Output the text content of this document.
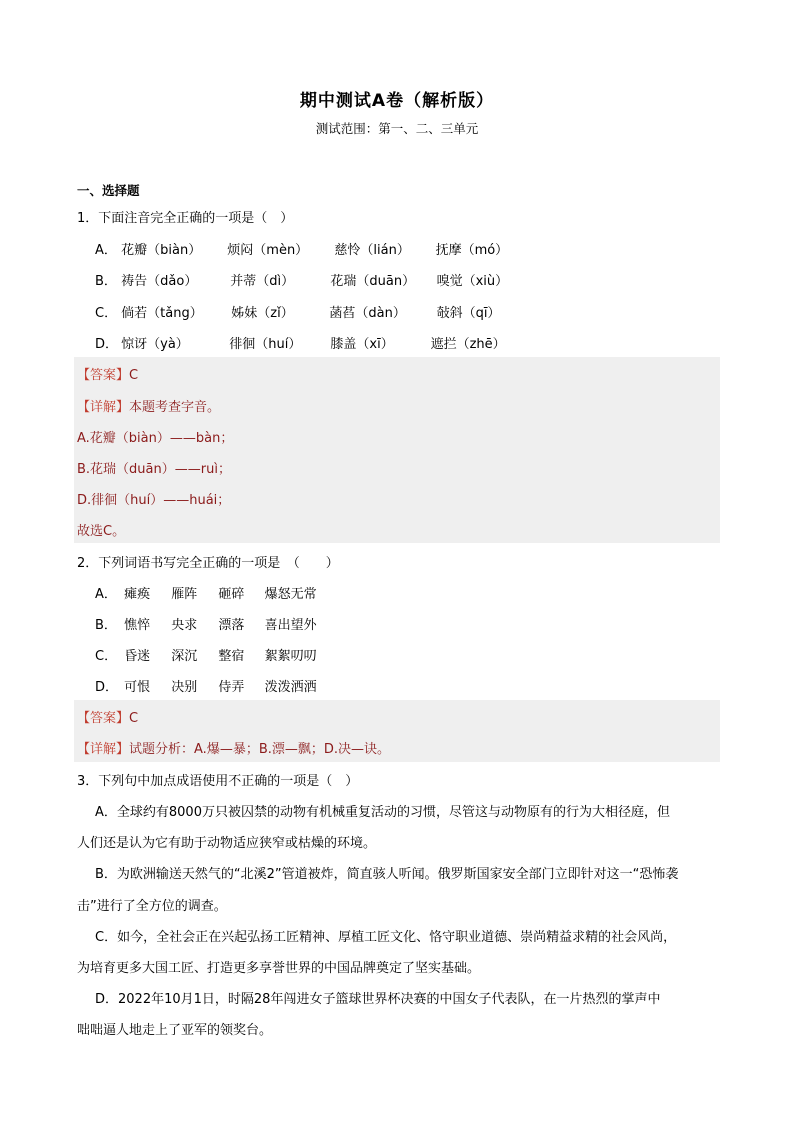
期中测试A卷（解析版）
测试范围：第一、二、三单元
一、选择题
1．下面注音完全正确的一项是（　）
A． 花瓣（biàn） 烦闷（mèn） 慈怜（lián） 抚摩（mó）
B． 祷告（dǎo）	并蒂（dì）	花瑞（duān） 嗅觉（xiù）
C． 倘若（tǎng） 姊妹（zǐ）	菡萏（dàn） 敧斜（qī）
D． 惊讶（yà）	徘徊（huí） 膝盖（xī）	遮拦（zhē）
【答案】C
【详解】本题考查字音。
A.花瓣（biàn）——bàn；
B.花瑞（duān）——ruì；
D.徘徊（huí）——huái；
故选C。
2．下列词语书写完全正确的一项是　（　　）
A． 瘫痪 雁阵 砸碎 爆怒无常
B． 憔悴 央求 漂落 喜出望外
C． 昏迷 深沉 整宿 絮絮叨叨
D． 可恨 决别 侍弄 泼泼洒洒
【答案】C
【详解】试题分析：A.爆—暴；B.漂—飘；D.决—诀。
3．下列句中加点成语使用不正确的一项是（　）
A．全球约有8000万只被囚禁的动物有机械重复活动的习惯，尽管这与动物原有的行为大相径庭，但
人们还是认为它有助于动物适应狭窄或枯燥的环境。
B．为欧洲输送天然气的“北溪2”管道被炸，简直骇人听闻。俄罗斯国家安全部门立即针对这一“恐怖袭
击”进行了全方位的调查。
C．如今，全社会正在兴起弘扬工匠精神、厚植工匠文化、恪守职业道德、崇尚精益求精的社会风尚，
为培育更多大国工匠、打造更多享誉世界的中国品牌奠定了坚实基础。
D．2022年10月1日，时隔28年闯进女子篮球世界杯决赛的中国女子代表队，在一片热烈的掌声中
咄咄逼人地走上了亚军的领奖台。
